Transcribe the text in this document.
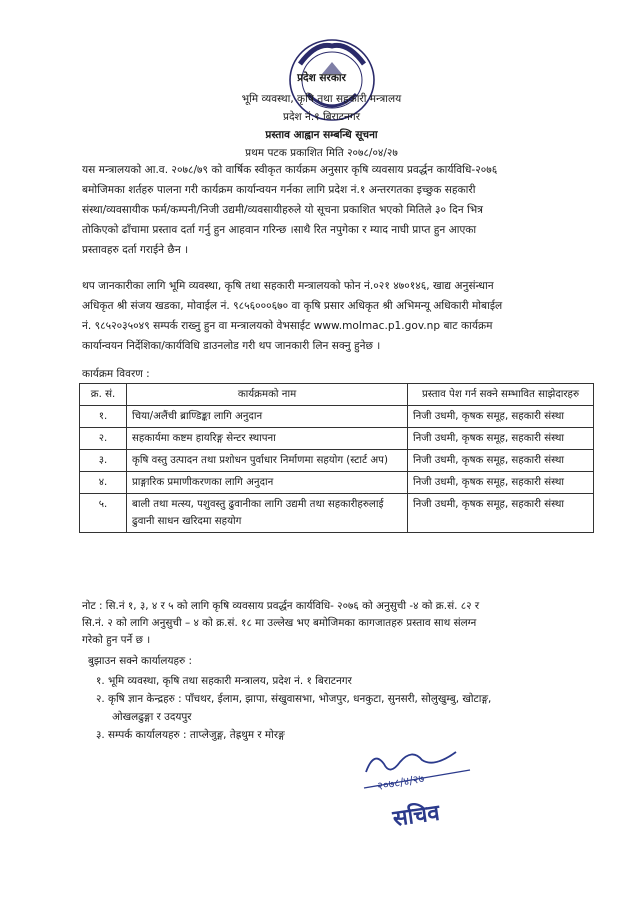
प्रदेश सरकार
भूमि व्यवस्था, कृषि तथा सहकारी मन्त्रालय
प्रदेश नं.१ बिराटनगर
प्रस्ताव आह्वान सम्बन्धि सूचना
प्रथम पटक प्रकाशित मिति २०७८/०४/२७
यस मन्त्रालयको आ.व. २०७८/७९ को वार्षिक स्वीकृत कार्यक्रम अनुसार कृषि व्यवसाय प्रवर्द्धन कार्यविधि-२०७६
बमोजिमका शर्तहरु पालना गरी कार्यक्रम कार्यान्वयन गर्नका लागि प्रदेश नं.१ अन्तरगतका इच्छुक सहकारी
संस्था/व्यवसायीक फर्म/कम्पनी/निजी उद्यमी/व्यवसायीहरुले यो सूचना प्रकाशित भएको मितिले ३० दिन भित्र
तोकिएको ढाँचामा प्रस्ताव दर्ता गर्नु हुन आहवान गरिन्छ ।साथै रित नपुगेका र म्याद नाघी प्राप्त हुन आएका
प्रस्तावहरु दर्ता गराईने छैन ।
थप जानकारीका लागि भूमि व्यवस्था, कृषि तथा सहकारी मन्त्रालयको फोन नं.०२१ ४७०१४६, खाद्य अनुसंन्धान
अधिकृत श्री संजय खडका, मोवाईल नं. ९८५६०००६७० वा कृषि प्रसार अधिकृत श्री अभिमन्यू अधिकारी मोबाईल
नं. ९८५२०३५०४९ सम्पर्क राख्नु हुन वा मन्त्रालयको वेभसाईट www.molmac.p1.gov.np बाट कार्यक्रम
कार्यान्वयन निर्देशिका/कार्यविधि डाउनलोड गरी थप जानकारी लिन सक्नु हुनेछ ।
कार्यक्रम विवरण :
क्र. सं.	कार्यक्रमको नाम	प्रस्ताव पेश गर्न सक्ने सम्भावित साझेदारहरु
१.	चिया/अलैंची ब्राण्डिङ्का लागि अनुदान	निजी उधमी, कृषक समूह, सहकारी संस्था
२.	सहकार्यमा कष्टम हायरिङ्ग सेन्टर स्थापना	निजी उधमी, कृषक समूह, सहकारी संस्था
३.	कृषि वस्तु उत्पादन तथा प्रशोधन पुर्वाधार निर्माणमा सहयोग (स्टार्ट अप)	निजी उधमी, कृषक समूह, सहकारी संस्था
४.	प्राङ्गारिक प्रमाणीकरणका लागि अनुदान	निजी उधमी, कृषक समूह, सहकारी संस्था
५.	बाली तथा मत्स्य, पशुवस्तु ढुवानीका लागि उद्यमी तथा सहकारीहरुलाई ढुवानी साधन खरिदमा सहयोग	निजी उधमी, कृषक समूह, सहकारी संस्था
नोट : सि.नं १, ३, ४ र ५ को लागि कृषि व्यवसाय प्रवर्द्धन कार्यविधि- २०७६ को अनुसुची -४ को क्र.सं. ८२ र
सि.नं. २ को लागि अनुसुची – ४ को क्र.सं. १८ मा उल्लेख भए बमोजिमका कागजातहरु प्रस्ताव साथ संलग्न
गरेको हुन पर्ने छ ।
बुझाउन सक्ने कार्यालयहरु :
१. भूमि व्यवस्था, कृषि तथा सहकारी मन्त्रालय, प्रदेश नं. १ बिराटनगर
२. कृषि ज्ञान केन्द्रहरु : पाँचथर, ईलाम, झापा, संखुवासभा, भोजपुर, धनकुटा, सुनसरी, सोलुखुम्बु, खोटाङ्ग,
ओखलढुङ्गा र उदयपुर
३. सम्पर्क कार्यालयहरु : ताप्लेजुङ्ग, तेह्रथुम र मोरङ्ग
२०७८/४/२७
सचिव
